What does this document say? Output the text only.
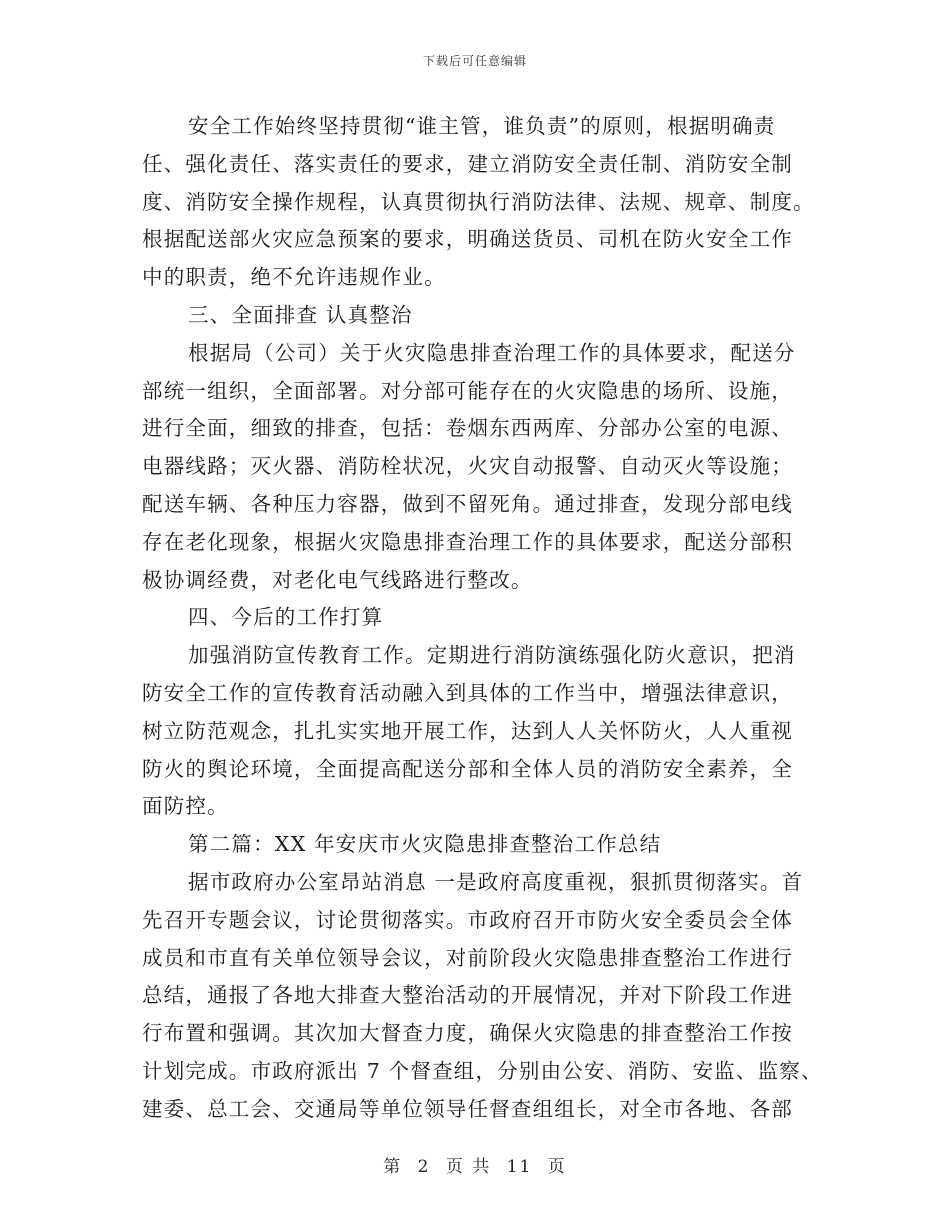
下载后可任意编辑
安全工作始终坚持贯彻“谁主管，谁负责”的原则，根据明确责
任、强化责任、落实责任的要求，建立消防安全责任制、消防安全制
度、消防安全操作规程，认真贯彻执行消防法律、法规、规章、制度。
根据配送部火灾应急预案的要求，明确送货员、司机在防火安全工作
中的职责，绝不允许违规作业。
三、全面排查 认真整治
根据局（公司）关于火灾隐患排查治理工作的具体要求，配送分
部统一组织，全面部署。对分部可能存在的火灾隐患的场所、设施，
进行全面，细致的排查，包括：卷烟东西两库、分部办公室的电源、
电器线路；灭火器、消防栓状况，火灾自动报警、自动灭火等设施；
配送车辆、各种压力容器，做到不留死角。通过排查，发现分部电线
存在老化现象，根据火灾隐患排查治理工作的具体要求，配送分部积
极协调经费，对老化电气线路进行整改。
四、今后的工作打算
加强消防宣传教育工作。定期进行消防演练强化防火意识，把消
防安全工作的宣传教育活动融入到具体的工作当中，增强法律意识，
树立防范观念，扎扎实实地开展工作，达到人人关怀防火，人人重视
防火的舆论环境，全面提高配送分部和全体人员的消防安全素养，全
面防控。
第二篇：XX 年安庆市火灾隐患排查整治工作总结
据市政府办公室昂站消息 一是政府高度重视，狠抓贯彻落实。首
先召开专题会议，讨论贯彻落实。市政府召开市防火安全委员会全体
成员和市直有关单位领导会议，对前阶段火灾隐患排查整治工作进行
总结，通报了各地大排查大整治活动的开展情况，并对下阶段工作进
行布置和强调。其次加大督查力度，确保火灾隐患的排查整治工作按
计划完成。市政府派出 7 个督查组，分别由公安、消防、安监、监察、
建委、总工会、交通局等单位领导任督查组组长，对全市各地、各部
第 2 页 共 11 页
